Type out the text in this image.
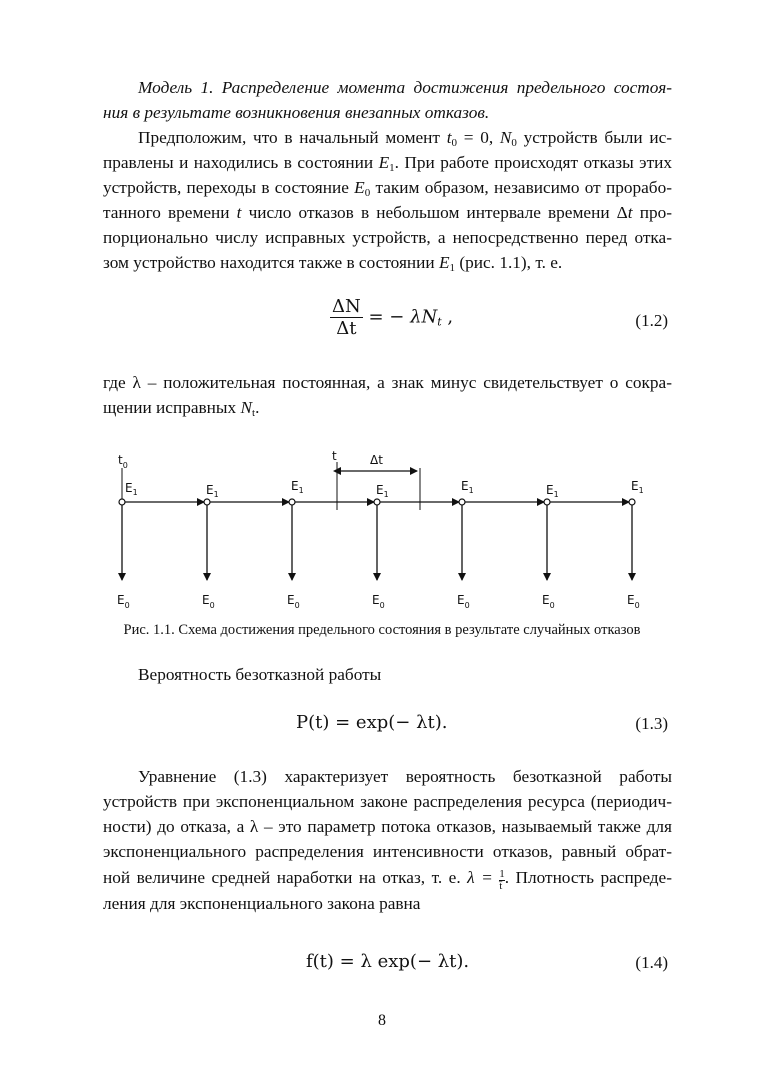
Модель 1. Распределение момента достижения предельного состоя-
ния в результате возникновения внезапных отказов.
Предположим, что в начальный момент $t_0 = 0$, $N_0$ устройств были ис-
правлены и находились в состоянии $E_1$. При работе происходят отказы этих
устройств, переходы в состояние $E_0$ таким образом, независимо от прорабо-
танного времени t число отказов в небольшом интервале времени Δt про-
порционально числу исправных устройств, а непосредственно перед отка-
зом устройство находится также в состоянии $E_1$ (рис. 1.1), т. е.
где λ – положительная постоянная, а знак минус свидетельствует о сокра-
щении исправных $N_t$.
Вероятность безотказной работы
Уравнение (1.3) характеризует вероятность безотказной работы
устройств при экспоненциальном законе распределения ресурса (периодич-
ности) до отказа, а λ – это параметр потока отказов, называемый также для
экспоненциального распределения интенсивности отказов, равный обрат-
ления для экспоненциального закона равна
ной величине средней наработки на отказ, т. е. $\lambda = \frac{1}{t̄}$ . Плотность распреде-
$\frac{\Delta N}{\Delta t}$ = − $\lambda N_t$ ,	(1.2)
$t_0$
t	Δt
$E_1$
$E_0$
$E_1$
$E_0$
$E_1$
$E_0$
$E_1$
$E_0$
$E_1$
$E_0$
$E_1$
$E_0$
$E_1$
$E_0$
Рис. 1.1. Схема достижения предельного состояния в результате случайных отказов
P(t) = exp(− λt).	(1.3)
f(t) = λ exp(− λt).	(1.4)
8
